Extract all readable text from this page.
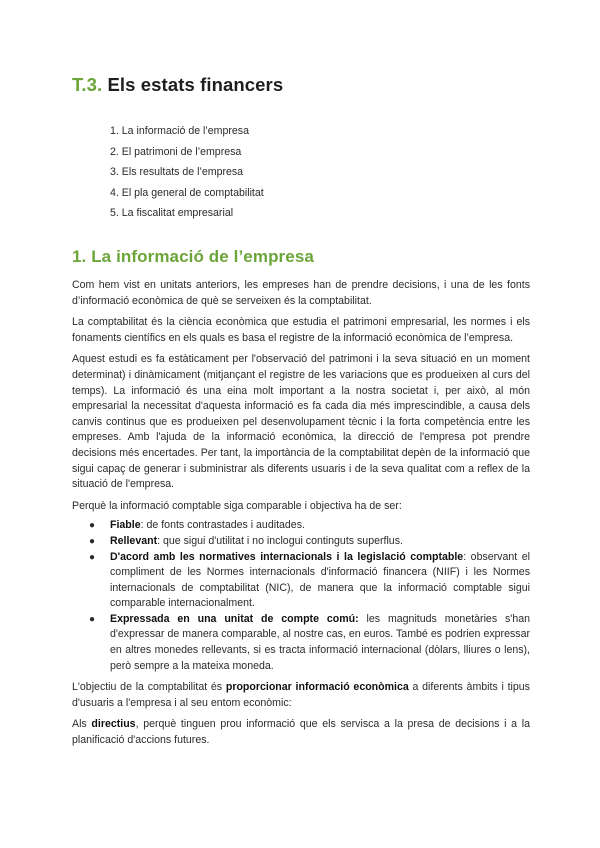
T.3. Els estats financers
1. La informació de l’empresa
2. El patrimoni de l’empresa
3. Els resultats de l’empresa
4. El pla general de comptabilitat
5. La fiscalitat empresarial
1. La informació de l’empresa

Com hem vist en unitats anteriors, les empreses han de prendre decisions, i una de les fonts d’informació econòmica de què se serveixen és la comptabilitat.

La comptabilitat és la ciència econòmica que estudia el patrimoni empresarial, les normes i els fonaments científics en els quals es basa el registre de la informació econòmica de l’empresa.

Aquest estudi es fa estàticament per l'observació del patrimoni i la seva situació en un moment determinat) i dinàmicament (mitjançant el registre de les variacions que es produeixen al curs del temps). La informació és una eina molt important a la nostra societat i, per això, al món empresarial la necessitat d'aquesta informació es fa cada dia més imprescindible, a causa dels canvis continus que es produeixen pel desenvolupament tècnic i la forta competència entre les empreses. Amb l'ajuda de la informació econòmica, la direcció de l'empresa pot prendre decisions més encertades. Per tant, la importància de la comptabilitat depèn de la informació que sigui capaç de generar i subministrar als diferents usuaris i de la seva qualitat com a reflex de la situació de l'empresa.

Perquè la informació comptable siga comparable i objectiva ha de ser:

● Fiable: de fonts contrastades i auditades.
● Rellevant: que sigui d'utilitat i no inclogui continguts superflus.
● D'acord amb les normatives internacionals i la legislació comptable: observant el compliment de les Normes internacionals d'informació financera (NIIF) i les Normes internacionals de comptabilitat (NIC), de manera que la informació comptable sigui comparable internacionalment.
● Expressada en una unitat de compte comú: les magnituds monetàries s'han d'expressar de manera comparable, al nostre cas, en euros. També es podrien expressar en altres monedes rellevants, si es tracta informació internacional (dòlars, lliures o lens), però sempre a la mateixa moneda.

L'objectiu de la comptabilitat és proporcionar informació econòmica a diferents àmbits i tipus d'usuaris a l'empresa i al seu entom econòmic:

Als directius, perquè tinguen prou informació que els servisca a la presa de decisions i a la planificació d'accions futures.
